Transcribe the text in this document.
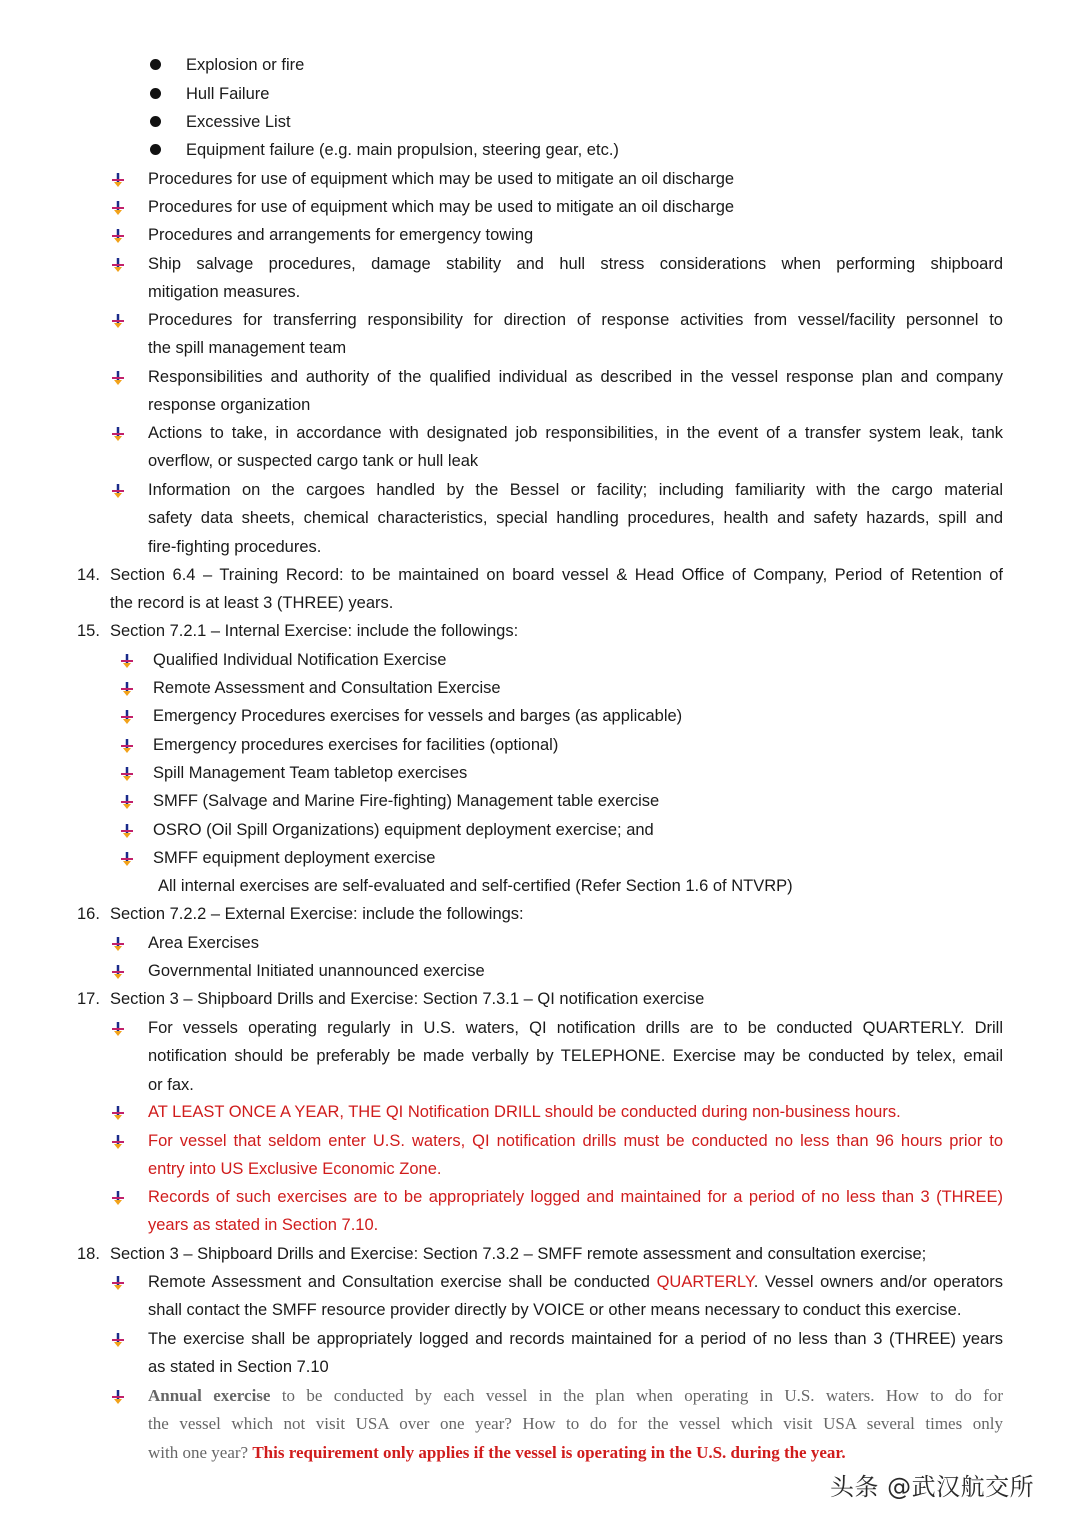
Explosion or fire
Hull Failure
Excessive List
Equipment failure (e.g. main propulsion, steering gear, etc.)
Procedures for use of equipment which may be used to mitigate an oil discharge
Procedures for use of equipment which may be used to mitigate an oil discharge
Procedures and arrangements for emergency towing
Ship salvage procedures, damage stability and hull stress considerations when performing shipboard
mitigation measures.
Procedures for transferring responsibility for direction of response activities from vessel/facility personnel to
the spill management team
Responsibilities and authority of the qualified individual as described in the vessel response plan and company
response organization
Actions to take, in accordance with designated job responsibilities, in the event of a transfer system leak, tank
overflow, or suspected cargo tank or hull leak
Information on the cargoes handled by the Bessel or facility; including familiarity with the cargo material
safety data sheets, chemical characteristics, special handling procedures, health and safety hazards, spill and
fire-fighting procedures.
14. Section 6.4 – Training Record: to be maintained on board vessel & Head Office of Company, Period of Retention of
the record is at least 3 (THREE) years.
15. Section 7.2.1 – Internal Exercise: include the followings:
Qualified Individual Notification Exercise
Remote Assessment and Consultation Exercise
Emergency Procedures exercises for vessels and barges (as applicable)
Emergency procedures exercises for facilities (optional)
Spill Management Team tabletop exercises
SMFF (Salvage and Marine Fire-fighting) Management table exercise
OSRO (Oil Spill Organizations) equipment deployment exercise; and
SMFF equipment deployment exercise
All internal exercises are self-evaluated and self-certified (Refer Section 1.6 of NTVRP)
16. Section 7.2.2 – External Exercise: include the followings:
Area Exercises
Governmental Initiated unannounced exercise
17. Section 3 – Shipboard Drills and Exercise: Section 7.3.1 – QI notification exercise
For vessels operating regularly in U.S. waters, QI notification drills are to be conducted QUARTERLY. Drill
notification should be preferably be made verbally by TELEPHONE. Exercise may be conducted by telex, email
or fax.
AT LEAST ONCE A YEAR, THE QI Notification DRILL should be conducted during non-business hours.
For vessel that seldom enter U.S. waters, QI notification drills must be conducted no less than 96 hours prior to
entry into US Exclusive Economic Zone.
Records of such exercises are to be appropriately logged and maintained for a period of no less than 3 (THREE)
years as stated in Section 7.10.
18. Section 3 – Shipboard Drills and Exercise: Section 7.3.2 – SMFF remote assessment and consultation exercise;
Remote Assessment and Consultation exercise shall be conducted QUARTERLY. Vessel owners and/or operators
shall contact the SMFF resource provider directly by VOICE or other means necessary to conduct this exercise.
The exercise shall be appropriately logged and records maintained for a period of no less than 3 (THREE) years
as stated in Section 7.10
Annual exercise to be conducted by each vessel in the plan when operating in U.S. waters. How to do for
the vessel which not visit USA over one year? How to do for the vessel which visit USA several times only
with one year? This requirement only applies if the vessel is operating in the U.S. during the year.
头条 @武汉航交所
